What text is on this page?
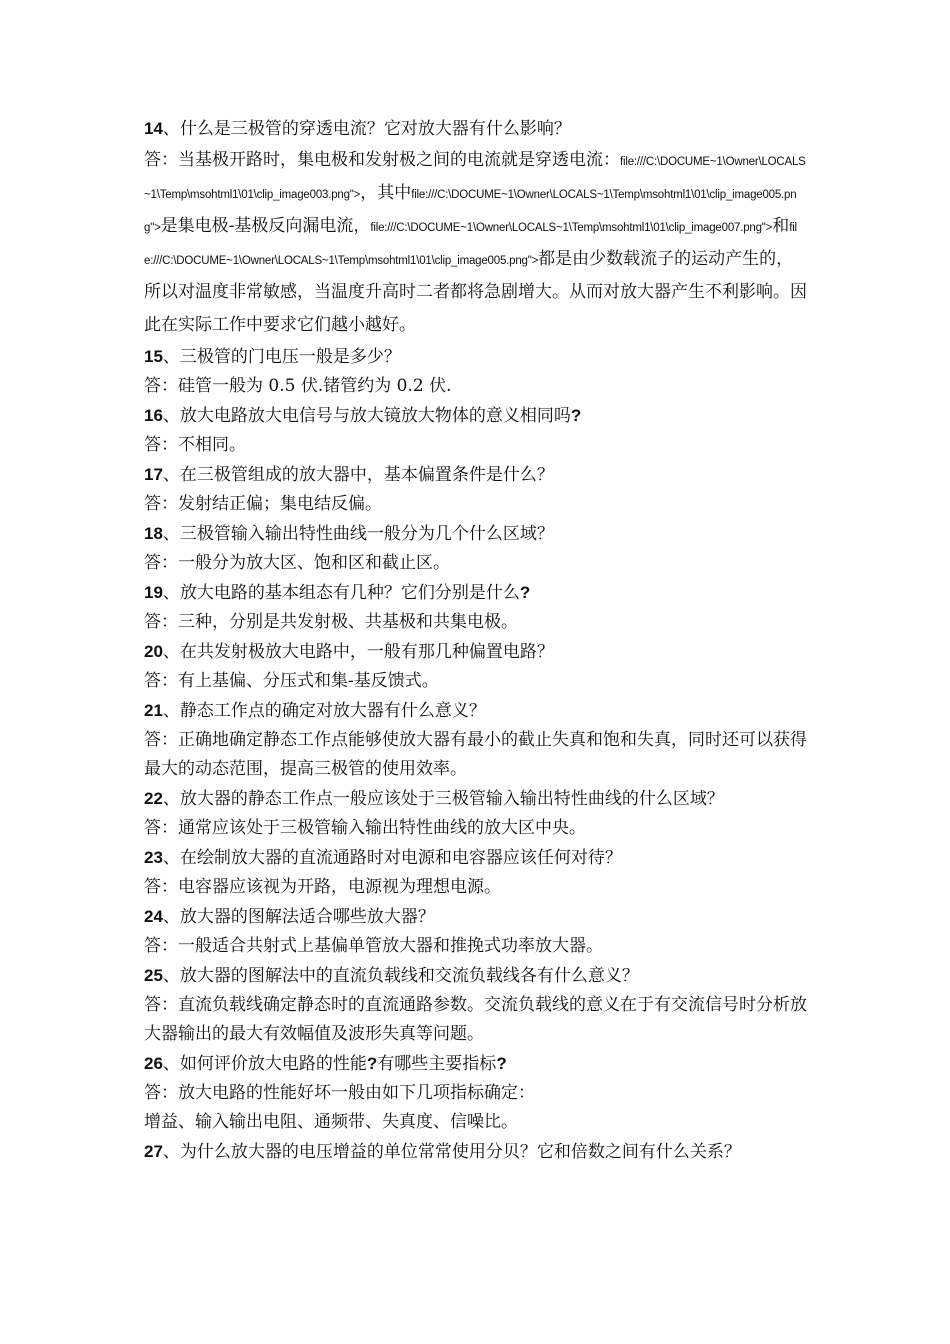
14、什么是三极管的穿透电流？它对放大器有什么影响？

答：当基极开路时，集电极和发射极之间的电流就是穿透电流：file:///C:\DOCUME~1\Owner\LOCALS~1\Temp\msohtml1\01\clip_image003.png">，其中file:///C:\DOCUME~1\Owner\LOCALS~1\Temp\msohtml1\01\clip_image005.png">是集电极-基极反向漏电流，file:///C:\DOCUME~1\Owner\LOCALS~1\Temp\msohtml1\01\clip_image007.png">和file:///C:\DOCUME~1\Owner\LOCALS~1\Temp\msohtml1\01\clip_image005.png">都是由少数载流子的运动产生的，所以对温度非常敏感，当温度升高时二者都将急剧增大。从而对放大器产生不利影响。因此在实际工作中要求它们越小越好。

15、三极管的门电压一般是多少？

答：硅管一般为 0.5 伏.锗管约为 0.2 伏.

16、放大电路放大电信号与放大镜放大物体的意义相同吗?

答：不相同。

17、在三极管组成的放大器中，基本偏置条件是什么？

答：发射结正偏；集电结反偏。

18、三极管输入输出特性曲线一般分为几个什么区域？

答：一般分为放大区、饱和区和截止区。

19、放大电路的基本组态有几种？它们分别是什么?

答：三种，分别是共发射极、共基极和共集电极。

20、在共发射极放大电路中，一般有那几种偏置电路？

答：有上基偏、分压式和集-基反馈式。

21、静态工作点的确定对放大器有什么意义？

答：正确地确定静态工作点能够使放大器有最小的截止失真和饱和失真，同时还可以获得最大的动态范围，提高三极管的使用效率。

22、放大器的静态工作点一般应该处于三极管输入输出特性曲线的什么区域？

答：通常应该处于三极管输入输出特性曲线的放大区中央。

23、在绘制放大器的直流通路时对电源和电容器应该任何对待？

答：电容器应该视为开路，电源视为理想电源。

24、放大器的图解法适合哪些放大器？

答：一般适合共射式上基偏单管放大器和推挽式功率放大器。

25、放大器的图解法中的直流负载线和交流负载线各有什么意义？

答：直流负载线确定静态时的直流通路参数。交流负载线的意义在于有交流信号时分析放大器输出的最大有效幅值及波形失真等问题。

26、如何评价放大电路的性能?有哪些主要指标?

答：放大电路的性能好坏一般由如下几项指标确定：

增益、输入输出电阻、通频带、失真度、信噪比。

27、为什么放大器的电压增益的单位常常使用分贝？它和倍数之间有什么关系？
